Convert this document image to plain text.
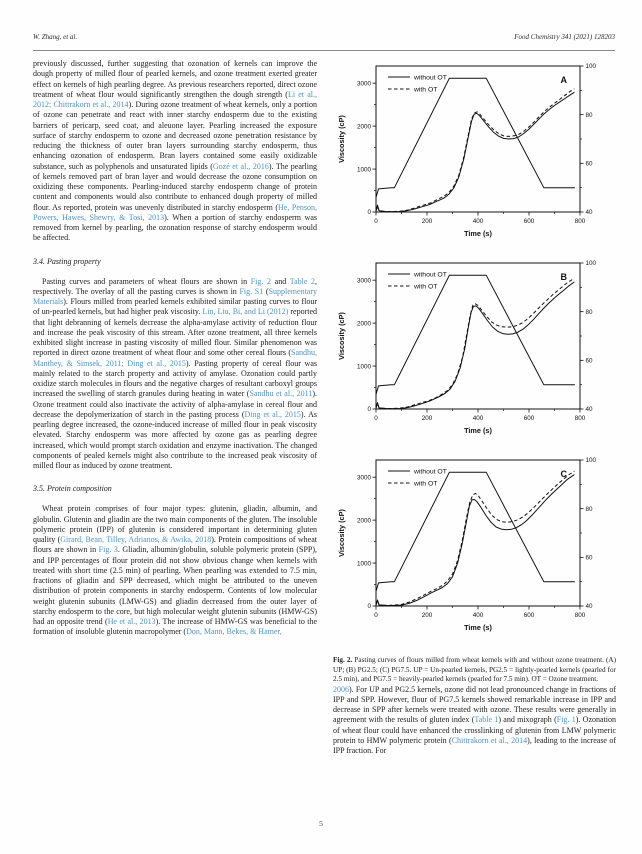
W. Zhang, et al.	Food Chemistry 341 (2021) 128203

previously discussed, further suggesting that ozonation of kernels can improve the dough property of milled flour of pearled kernels, and ozone treatment exerted greater effect on kernels of high pearling degree. As previous researchers reported, direct ozone treatment of wheat flour would significantly strengthen the dough strength (Li et al., 2012; Chittrakorn et al., 2014). During ozone treatment of wheat kernels, only a portion of ozone can penetrate and react with inner starchy endosperm due to the existing barriers of pericarp, seed coat, and aleuone layer. Pearling increased the exposure surface of starchy endosperm to ozone and decreased ozone penetration resistance by reducing the thickness of outer bran layers surrounding starchy endosperm, thus enhancing ozonation of endosperm. Bran layers contained some easily oxidizable substance, such as polyphenols and unsaturated lipids (Gozé et al., 2016). The pearling of kernels removed part of bran layer and would decrease the ozone consumption on oxidizing these components. Pearling-induced starchy endosperm change of protein content and components would also contribute to enhanced dough property of milled flour. As reported, protein was unevenly distributed in starchy endosperm (He, Penson, Powers, Hawes, Shewry, & Tosi, 2013). When a portion of starchy endosperm was removed from kernel by pearling, the ozonation response of starchy endosperm would be affected.

3.4. Pasting property

Pasting curves and parameters of wheat flours are shown in Fig. 2 and Table 2, respectively. The overlay of all the pasting curves is shown in Fig. S1 (Supplementary Materials). Flours milled from pearled kernels exhibited similar pasting curves to flour of un-pearled kernels, but had higher peak viscosity. Lin, Liu, Bi, and Li (2012) reported that light debranning of kernels decrease the alpha-amylase activity of reduction flour and increase the peak viscosity of this stream. After ozone treatment, all three kernels exhibited slight increase in pasting viscosity of milled flour. Similar phenomenon was reported in direct ozone treatment of wheat flour and some other cereal flours (Sandhu, Manthey, & Simsek, 2011; Ding et al., 2015). Pasting property of cereal flour was mainly related to the starch property and activity of amylase. Ozonation could partly oxidize starch molecules in flours and the negative charges of resultant carboxyl groups increased the swelling of starch granules during heating in water (Sandhu et al., 2011). Ozone treatment could also inactivate the activity of alpha-amylase in cereal flour and decrease the depolymerization of starch in the pasting process (Ding et al., 2015). As pearling degree increased, the ozone-induced increase of milled flour in peak viscosity elevated. Starchy endosperm was more affected by ozone gas as pearling degree increased, which would prompt starch oxidation and enzyme inactivation. The changed components of pealed kernels might also contribute to the increased peak viscosity of milled flour as induced by ozone treatment.

3.5. Protein composition

Wheat protein comprises of four major types: glutenin, gliadin, albumin, and globulin. Glutenin and gliadin are the two main components of the gluten. The insoluble polymeric protein (IPP) of glutenin is considered important in determining gluten quality (Girard, Bean, Tilley, Adrianos, & Awika, 2018). Protein compositions of wheat flours are shown in Fig. 3. Gliadin, albumin/globulin, soluble polymeric protein (SPP), and IPP percentages of flour protein did not show obvious change when kernels with treated with short time (2.5 min) of pearling. When pearling was extended to 7.5 min, fractions of gliadin and SPP decreased, which might be attributed to the uneven distribution of protein components in starchy endosperm. Contents of low molecular weight glutenin subunits (LMW-GS) and gliadin decreased from the outer layer of starchy endosperm to the core, but high molecular weight glutenin subunits (HMW-GS) had an opposite trend (He et al., 2013). The increase of HMW-GS was beneficial to the formation of insoluble glutenin macropolymer (Don, Mann, Bekes, & Hamer,

0	200	400	600	800
0
1000
2000
3000
40
60
80
100
without OT
with OT
A
Viscosity (cP)
Time (s)
0	200	400	600	800
0
1000
2000
3000
40
60
80
100
without OT
with OT
B
Viscosity (cP)
Time (s)
0	200	400	600	800
0
1000
2000
3000
40
60
80
100
without OT
with OT
C
Viscosity (cP)
Time (s)

Fig. 2. Pasting curves of flours milled from wheat kernels with and without ozone treatment. (A) UP; (B) PG2.5; (C) PG7.5. UP = Un-pearled kernels, PG2.5 = lightly-pearled kernels (pearled for 2.5 min), and PG7.5 = heavily-pearled kernels (pearled for 7.5 min). OT = Ozone treatment.

2006). For UP and PG2.5 kernels, ozone did not lead pronounced change in fractions of IPP and SPP. However, flour of PG7.5 kernels showed remarkable increase in IPP and decrease in SPP after kernels were treated with ozone. These results were generally in agreement with the results of gluten index (Table 1) and mixograph (Fig. 1). Ozonation of wheat flour could have enhanced the crosslinking of glutenin from LMW polymeric protein to HMW polymeric protein (Chittrakorn et al., 2014), leading to the increase of IPP fraction. For

5
